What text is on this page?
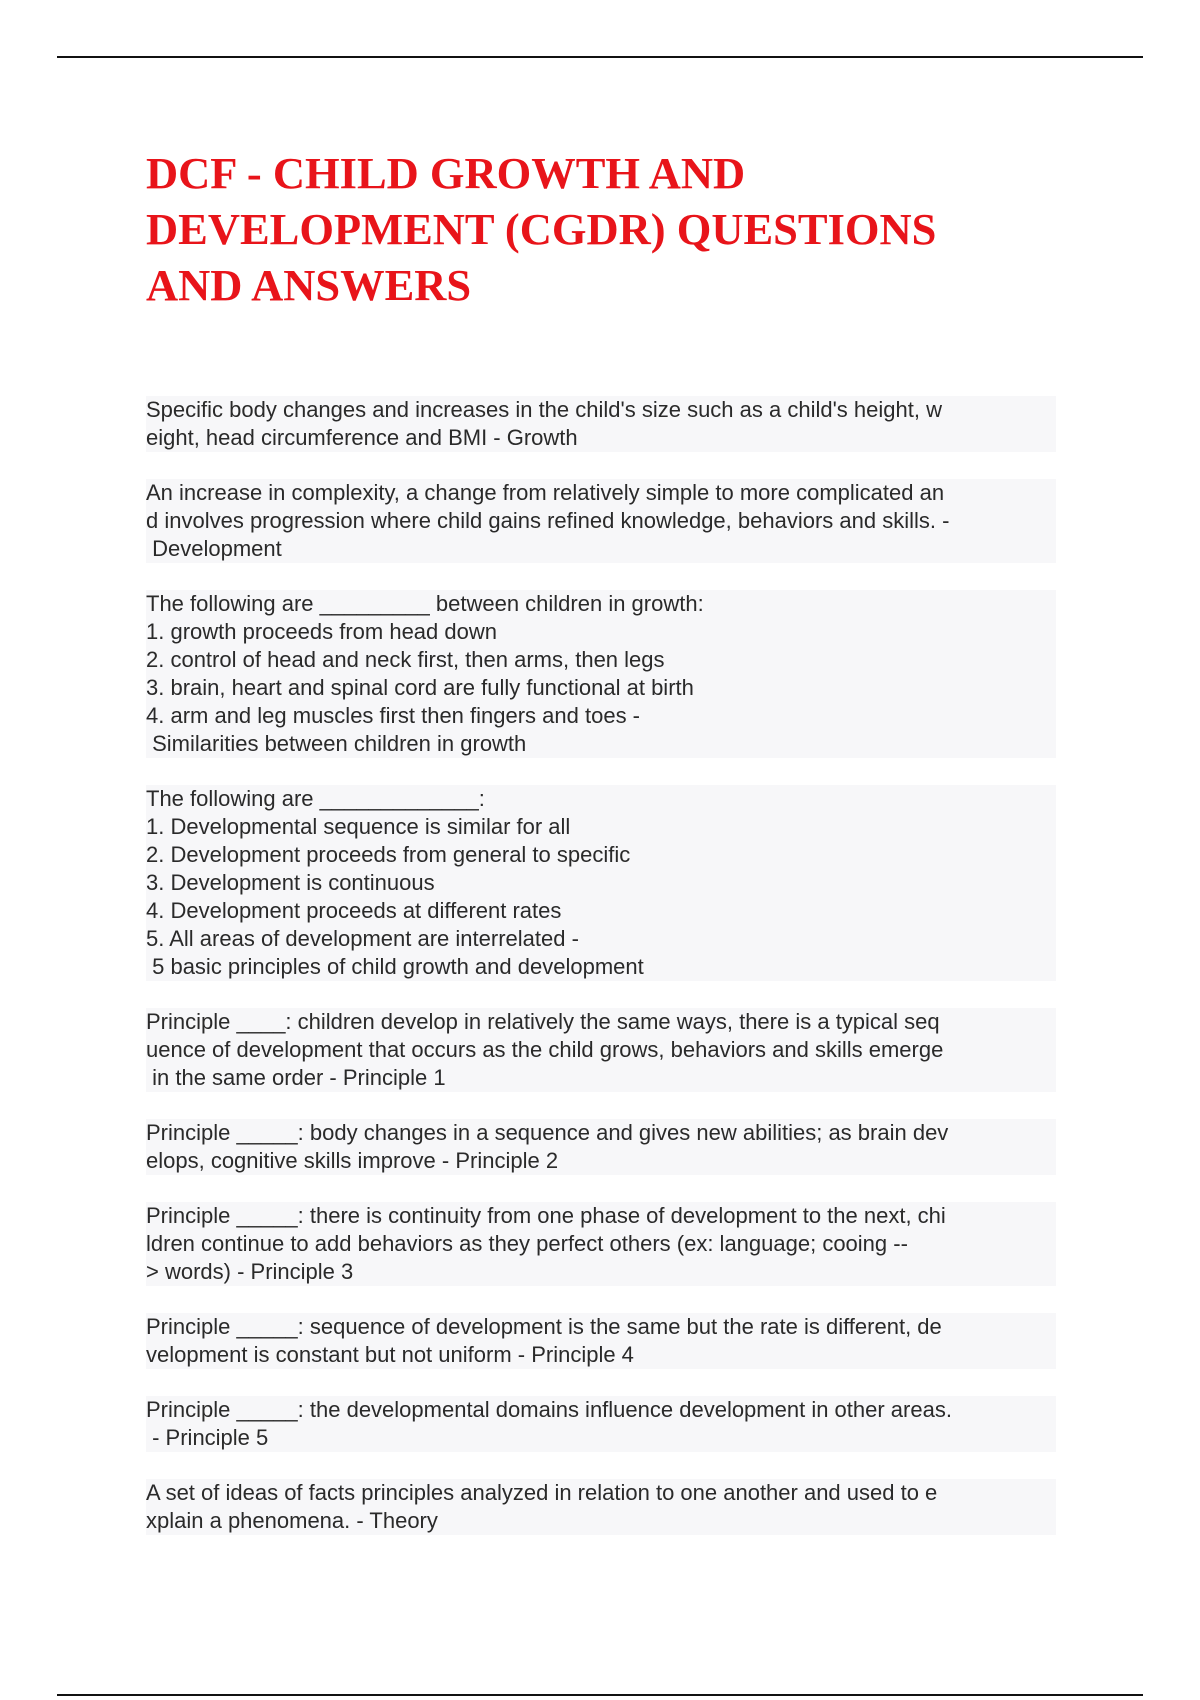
DCF - CHILD GROWTH AND
DEVELOPMENT (CGDR) QUESTIONS
AND ANSWERS
Specific body changes and increases in the child's size such as a child's height, w
eight, head circumference and BMI - Growth
An increase in complexity, a change from relatively simple to more complicated an
d involves progression where child gains refined knowledge, behaviors and skills. -
Development
The following are _________ between children in growth:
1. growth proceeds from head down
2. control of head and neck first, then arms, then legs
3. brain, heart and spinal cord are fully functional at birth
4. arm and leg muscles first then fingers and toes -
Similarities between children in growth
The following are _____________:
1. Developmental sequence is similar for all
2. Development proceeds from general to specific
3. Development is continuous
4. Development proceeds at different rates
5. All areas of development are interrelated -
5 basic principles of child growth and development
Principle ____: children develop in relatively the same ways, there is a typical seq
uence of development that occurs as the child grows, behaviors and skills emerge
in the same order - Principle 1
Principle _____: body changes in a sequence and gives new abilities; as brain dev
elops, cognitive skills improve - Principle 2
Principle _____: there is continuity from one phase of development to the next, chi
ldren continue to add behaviors as they perfect others (ex: language; cooing --
> words) - Principle 3
Principle _____: sequence of development is the same but the rate is different, de
velopment is constant but not uniform - Principle 4
Principle _____: the developmental domains influence development in other areas.
- Principle 5
A set of ideas of facts principles analyzed in relation to one another and used to e
xplain a phenomena. - Theory
